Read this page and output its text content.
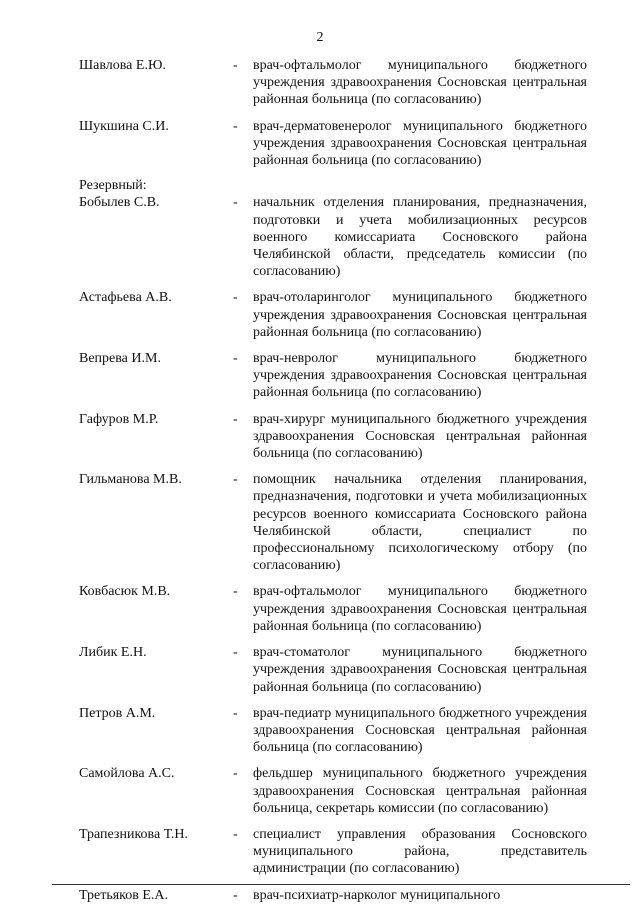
2
Шавлова Е.Ю.	- врач-офтальмолог муниципального бюджетного учреждения здравоохранения Сосновская центральная районная больница (по согласованию)
Шукшина С.И.	- врач-дерматовенеролог муниципального бюджетного учреждения здравоохранения Сосновская центральная районная больница (по согласованию)
Резервный:
Бобылев С.В.	- начальник отделения планирования, предназначения, подготовки и учета мобилизационных ресурсов военного комиссариата Сосновского района Челябинской области, председатель комиссии (по согласованию)
Астафьева А.В.	- врач-отоларинголог муниципального бюджетного учреждения здравоохранения Сосновская центральная районная больница (по согласованию)
Вепрева И.М.	- врач-невролог муниципального бюджетного учреждения здравоохранения Сосновская центральная районная больница (по согласованию)
Гафуров М.Р.	- врач-хирург муниципального бюджетного учреждения здравоохранения Сосновская центральная районная больница (по согласованию)
Гильманова М.В.	- помощник начальника отделения планирования, предназначения, подготовки и учета мобилизационных ресурсов военного комиссариата Сосновского района Челябинской области, специалист по профессиональному психологическому отбору (по согласованию)
Ковбасюк М.В.	- врач-офтальмолог муниципального бюджетного учреждения здравоохранения Сосновская центральная районная больница (по согласованию)
Либик Е.Н.	- врач-стоматолог муниципального бюджетного учреждения здравоохранения Сосновская центральная районная больница (по согласованию)
Петров А.М.	- врач-педиатр муниципального бюджетного учреждения здравоохранения Сосновская центральная районная больница (по согласованию)
Самойлова А.С.	- фельдшер муниципального бюджетного учреждения здравоохранения Сосновская центральная районная больница, секретарь комиссии (по согласованию)
Трапезникова Т.Н.	- специалист управления образования Сосновского муниципального района, представитель администрации (по согласованию)
Третьяков Е.А.	- врач-психиатр-нарколог муниципального
